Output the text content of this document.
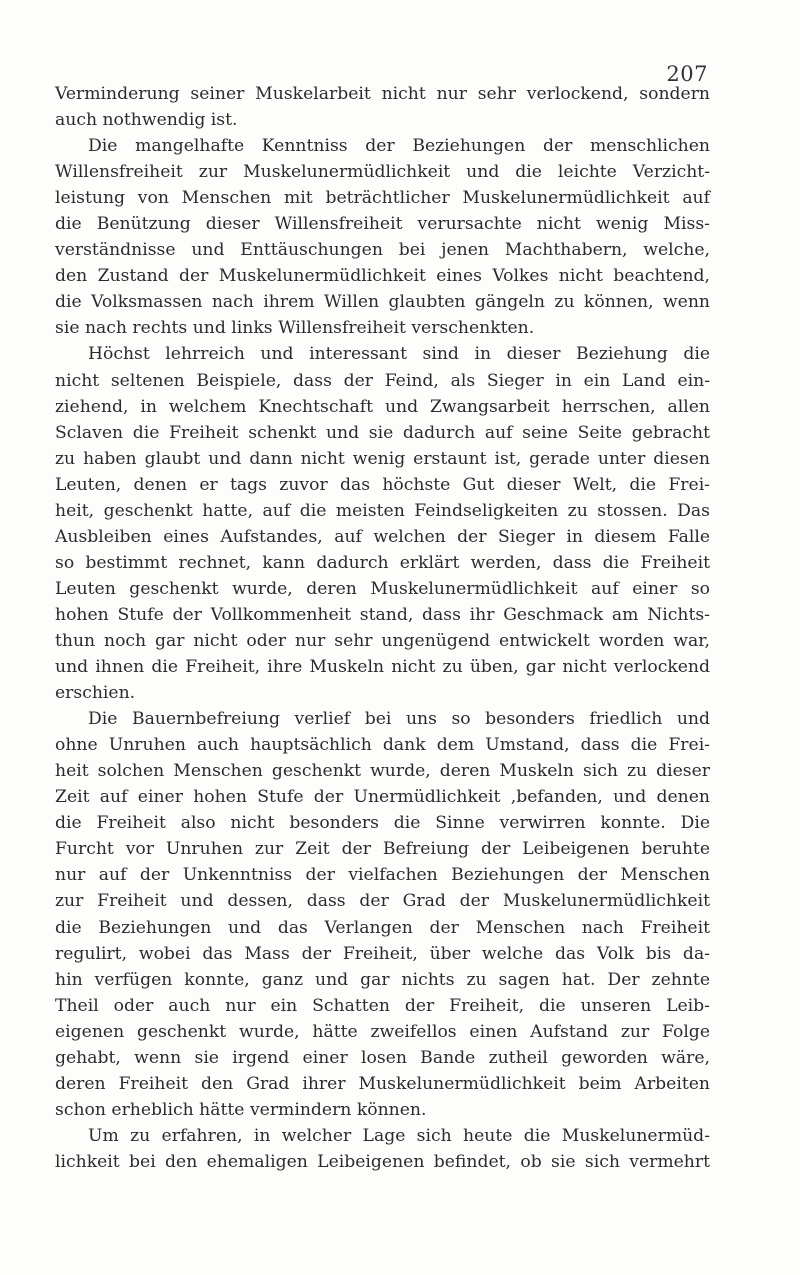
207
Verminderung seiner Muskelarbeit nicht nur sehr verlockend, sondern
auch nothwendig ist.
Die mangelhafte Kenntniss der Beziehungen der menschlichen
Willensfreiheit zur Muskelunermüdlichkeit und die leichte Verzicht-
leistung von Menschen mit beträchtlicher Muskelunermüdlichkeit auf
die Benützung dieser Willensfreiheit verursachte nicht wenig Miss-
verständnisse und Enttäuschungen bei jenen Machthabern, welche,
den Zustand der Muskelunermüdlichkeit eines Volkes nicht beachtend,
die Volksmassen nach ihrem Willen glaubten gängeln zu können, wenn
sie nach rechts und links Willensfreiheit verschenkten.
Höchst lehrreich und interessant sind in dieser Beziehung die
nicht seltenen Beispiele, dass der Feind, als Sieger in ein Land ein-
ziehend, in welchem Knechtschaft und Zwangsarbeit herrschen, allen
Sclaven die Freiheit schenkt und sie dadurch auf seine Seite gebracht
zu haben glaubt und dann nicht wenig erstaunt ist, gerade unter diesen
Leuten, denen er tags zuvor das höchste Gut dieser Welt, die Frei-
heit, geschenkt hatte, auf die meisten Feindseligkeiten zu stossen. Das
Ausbleiben eines Aufstandes, auf welchen der Sieger in diesem Falle
so bestimmt rechnet, kann dadurch erklärt werden, dass die Freiheit
Leuten geschenkt wurde, deren Muskelunermüdlichkeit auf einer so
hohen Stufe der Vollkommenheit stand, dass ihr Geschmack am Nichts-
thun noch gar nicht oder nur sehr ungenügend entwickelt worden war,
und ihnen die Freiheit, ihre Muskeln nicht zu üben, gar nicht verlockend
erschien.
Die Bauernbefreiung verlief bei uns so besonders friedlich und
ohne Unruhen auch hauptsächlich dank dem Umstand, dass die Frei-
heit solchen Menschen geschenkt wurde, deren Muskeln sich zu dieser
Zeit auf einer hohen Stufe der Unermüdlichkeit ,befanden, und denen
die Freiheit also nicht besonders die Sinne verwirren konnte. Die
Furcht vor Unruhen zur Zeit der Befreiung der Leibeigenen beruhte
nur auf der Unkenntniss der vielfachen Beziehungen der Menschen
zur Freiheit und dessen, dass der Grad der Muskelunermüdlichkeit
die Beziehungen und das Verlangen der Menschen nach Freiheit
regulirt, wobei das Mass der Freiheit, über welche das Volk bis da-
hin verfügen konnte, ganz und gar nichts zu sagen hat. Der zehnte
Theil oder auch nur ein Schatten der Freiheit, die unseren Leib-
eigenen geschenkt wurde, hätte zweifellos einen Aufstand zur Folge
gehabt, wenn sie irgend einer losen Bande zutheil geworden wäre,
deren Freiheit den Grad ihrer Muskelunermüdlichkeit beim Arbeiten
schon erheblich hätte vermindern können.
Um zu erfahren, in welcher Lage sich heute die Muskelunermüd-
lichkeit bei den ehemaligen Leibeigenen befindet, ob sie sich vermehrt
